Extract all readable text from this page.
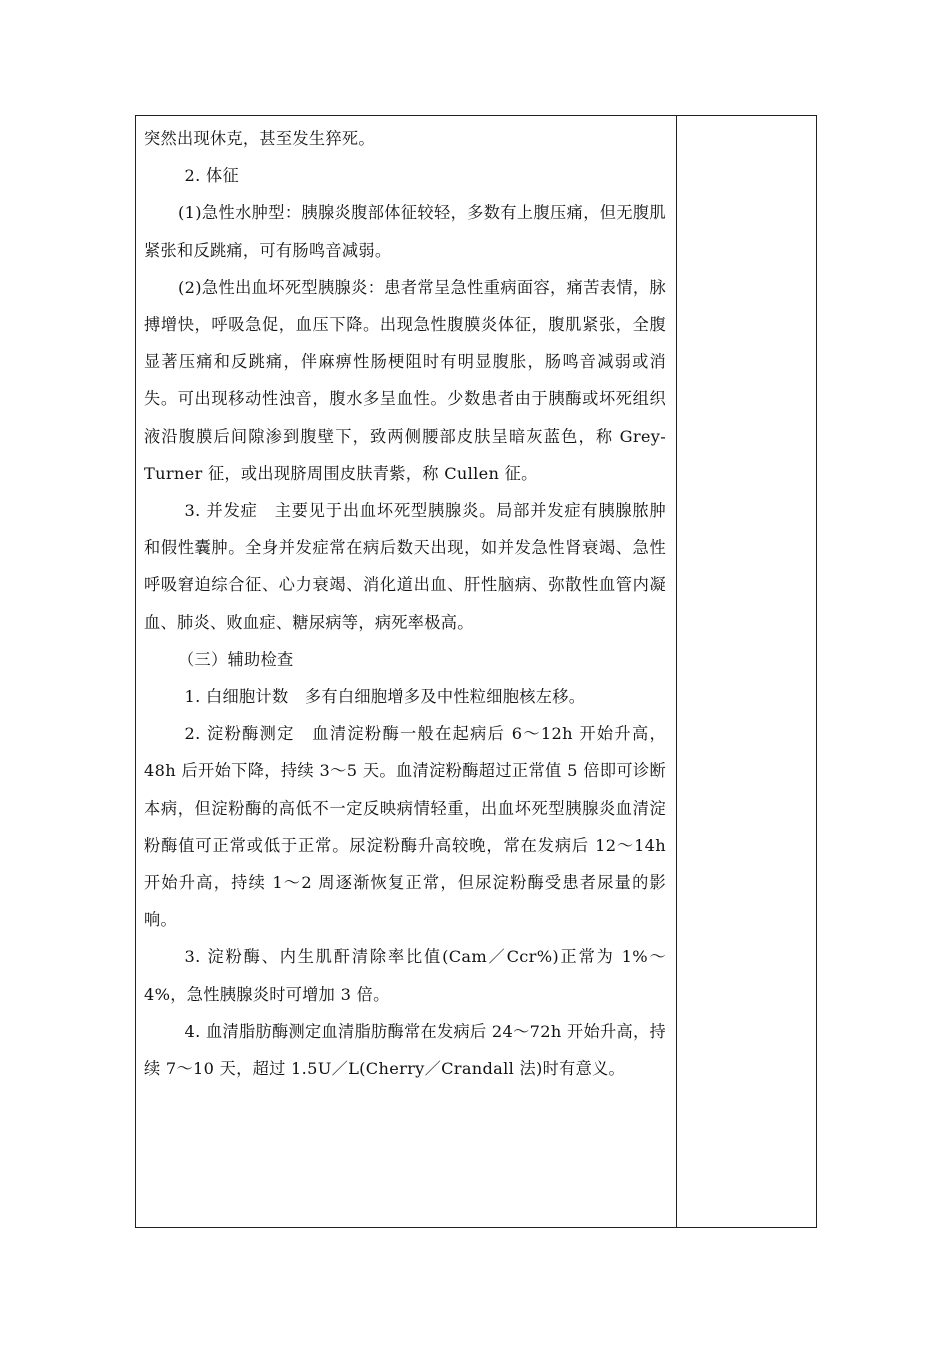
突然出现休克，甚至发生猝死。

2. 体征

(1)急性水肿型：胰腺炎腹部体征较轻，多数有上腹压痛，但无腹肌紧张和反跳痛，可有肠鸣音减弱。

(2)急性出血坏死型胰腺炎：患者常呈急性重病面容，痛苦表情，脉搏增快，呼吸急促，血压下降。出现急性腹膜炎体征，腹肌紧张，全腹显著压痛和反跳痛，伴麻痹性肠梗阻时有明显腹胀，肠鸣音减弱或消失。可出现移动性浊音，腹水多呈血性。少数患者由于胰酶或坏死组织液沿腹膜后间隙渗到腹壁下，致两侧腰部皮肤呈暗灰蓝色，称 Grey-Turner 征，或出现脐周围皮肤青紫，称 Cullen 征。

3. 并发症　主要见于出血坏死型胰腺炎。局部并发症有胰腺脓肿和假性囊肿。全身并发症常在病后数天出现，如并发急性肾衰竭、急性呼吸窘迫综合征、心力衰竭、消化道出血、肝性脑病、弥散性血管内凝血、肺炎、败血症、糖尿病等，病死率极高。

（三）辅助检查

1. 白细胞计数　多有白细胞增多及中性粒细胞核左移。

2. 淀粉酶测定　血清淀粉酶一般在起病后 6～12h 开始升高，48h 后开始下降，持续 3～5 天。血清淀粉酶超过正常值 5 倍即可诊断本病，但淀粉酶的高低不一定反映病情轻重，出血坏死型胰腺炎血清淀粉酶值可正常或低于正常。尿淀粉酶升高较晚，常在发病后 12～14h 开始升高，持续 1～2 周逐渐恢复正常，但尿淀粉酶受患者尿量的影响。

3. 淀粉酶、内生肌酐清除率比值(Cam／Ccr%)正常为 1%～4%，急性胰腺炎时可增加 3 倍。

4. 血清脂肪酶测定血清脂肪酶常在发病后 24～72h 开始升高，持续 7～10 天，超过 1.5U／L(Cherry／Crandall 法)时有意义。
